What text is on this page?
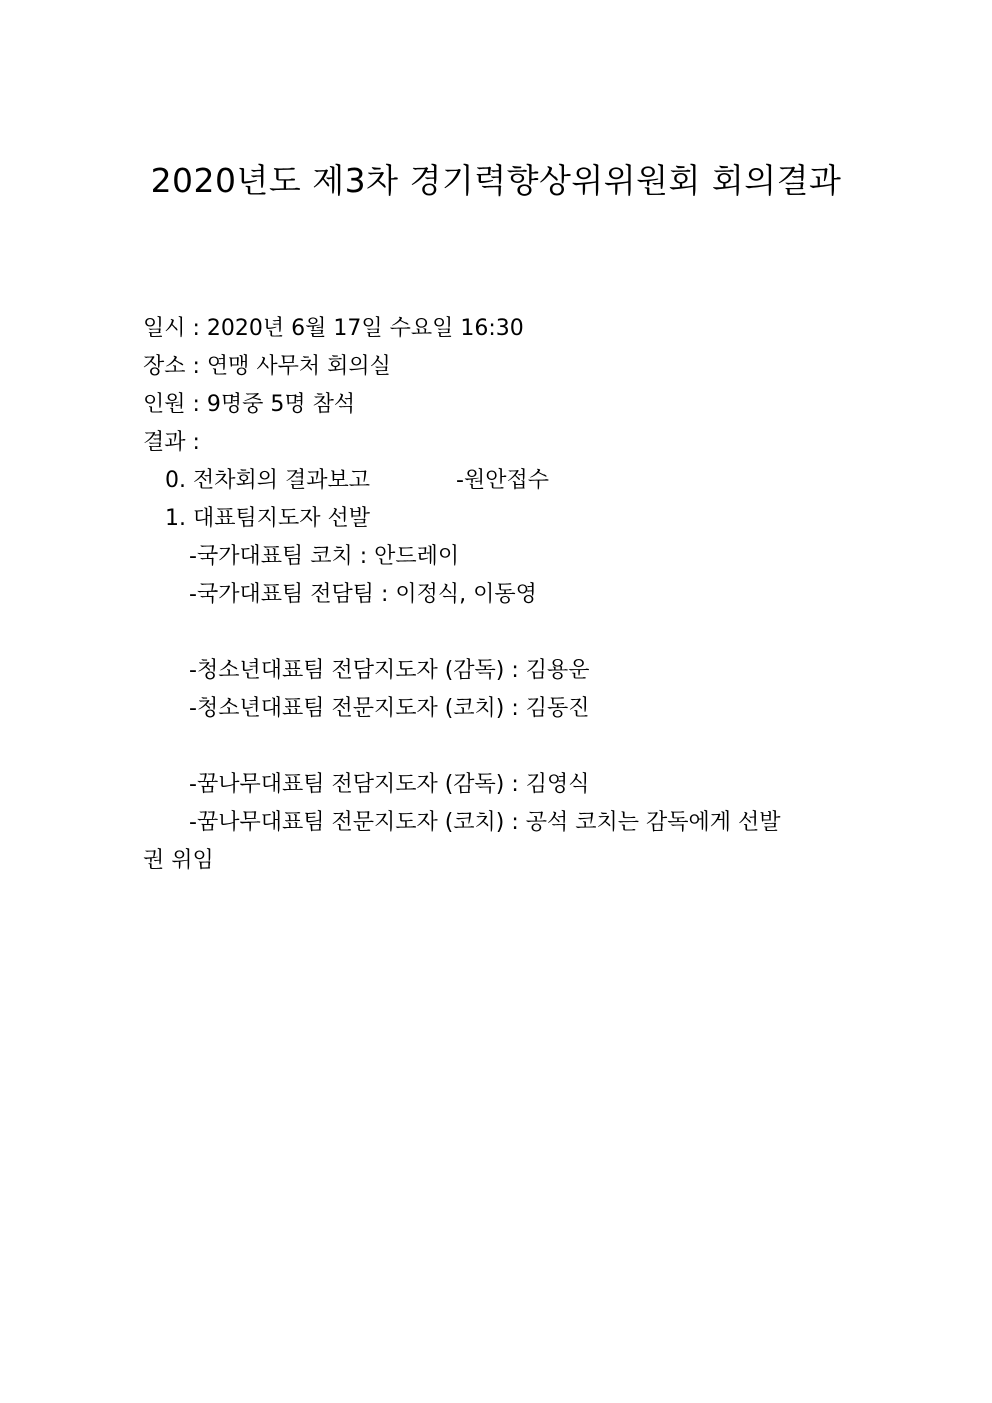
2020년도 제3차 경기력향상위위원회 회의결과
일시 : 2020년 6월 17일 수요일 16:30
장소 : 연맹 사무처 회의실
인원 : 9명중 5명 참석
결과 :
0. 전차회의 결과보고	-원안접수
1. 대표팀지도자 선발
-국가대표팀 코치 : 안드레이
-국가대표팀 전담팀 : 이정식, 이동영
-청소년대표팀 전담지도자 (감독) : 김용운
-청소년대표팀 전문지도자 (코치) : 김동진
-꿈나무대표팀 전담지도자 (감독) : 김영식
-꿈나무대표팀 전문지도자 (코치) : 공석 코치는 감독에게 선발
권 위임
